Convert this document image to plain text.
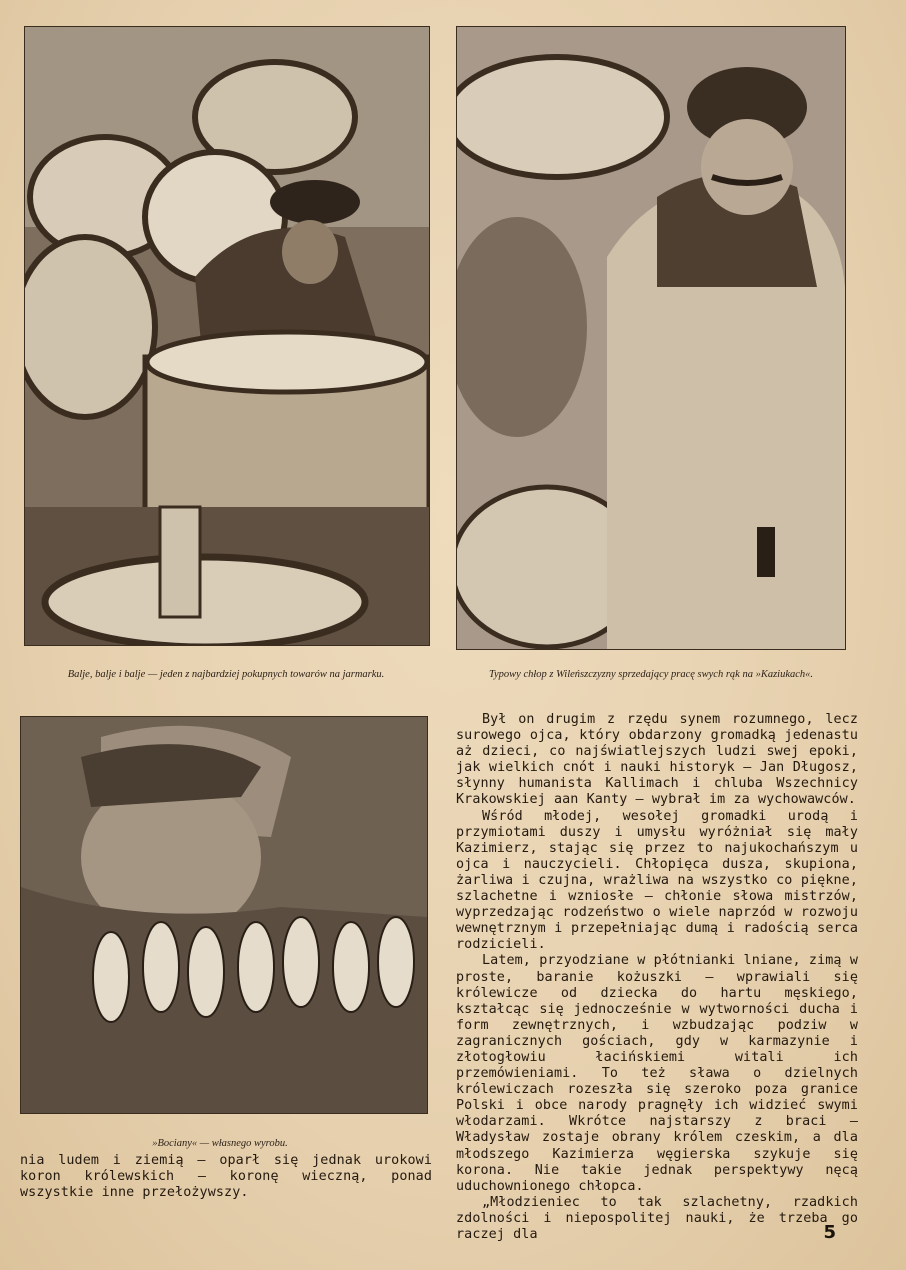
Balje, balje i balje — jeden z najbardziej pokupnych towarów na jarmarku.	Typowy chłop z Wileńszczyzny sprzedający pracę swych rąk na »Kaziukach«.
»Bociany« — własnego wyrobu.

nia ludem i ziemią — oparł się jednak urokowi koron królewskich — koronę wieczną, ponad wszystkie inne przełożywszy.

Był on drugim z rzędu synem rozumnego, lecz surowego ojca, który obdarzony gromadką jedenastu aż dzieci, co najświatlejszych ludzi swej epoki, jak wielkich cnót i nauki historyk — Jan Długosz, słynny humanista Kallimach i chluba Wszechnicy Krakowskiej aan Kanty — wybrał im za wychowawców.

Wśród młodej, wesołej gromadki urodą i przymiotami duszy i umysłu wyróżniał się mały Kazimierz, stając się przez to najukochańszym u ojca i nauczycieli. Chłopięca dusza, skupiona, żarliwa i czujna, wrażliwa na wszystko co piękne, szlachetne i wzniosłe — chłonie słowa mistrzów, wyprzedzając rodzeństwo o wiele naprzód w rozwoju wewnętrznym i przepełniając dumą i radością serca rodzicieli.

Latem, przyodziane w płótnianki lniane, zimą w proste, baranie kożuszki — wprawiali się królewicze od dziecka do hartu męskiego, kształcąc się jednocześnie w wytworności ducha i form zewnętrznych, i wzbudzając podziw w zagranicznych gościach, gdy w karmazynie i złotogłowiu łacińskiemi witali ich przemówieniami. To też sława o dzielnych królewiczach rozeszła się szeroko poza granice Polski i obce narody pragnęły ich widzieć swymi włodarzami. Wkrótce najstarszy z braci — Władysław zostaje obrany królem czeskim, a dla młodszego Kazimierza węgierska szykuje się korona. Nie takie jednak perspektywy nęcą uduchownionego chłopca.

„Młodzieniec to tak szlachetny, rzadkich zdolności i niepospolitej nauki, że trzeba go raczej dla	5
